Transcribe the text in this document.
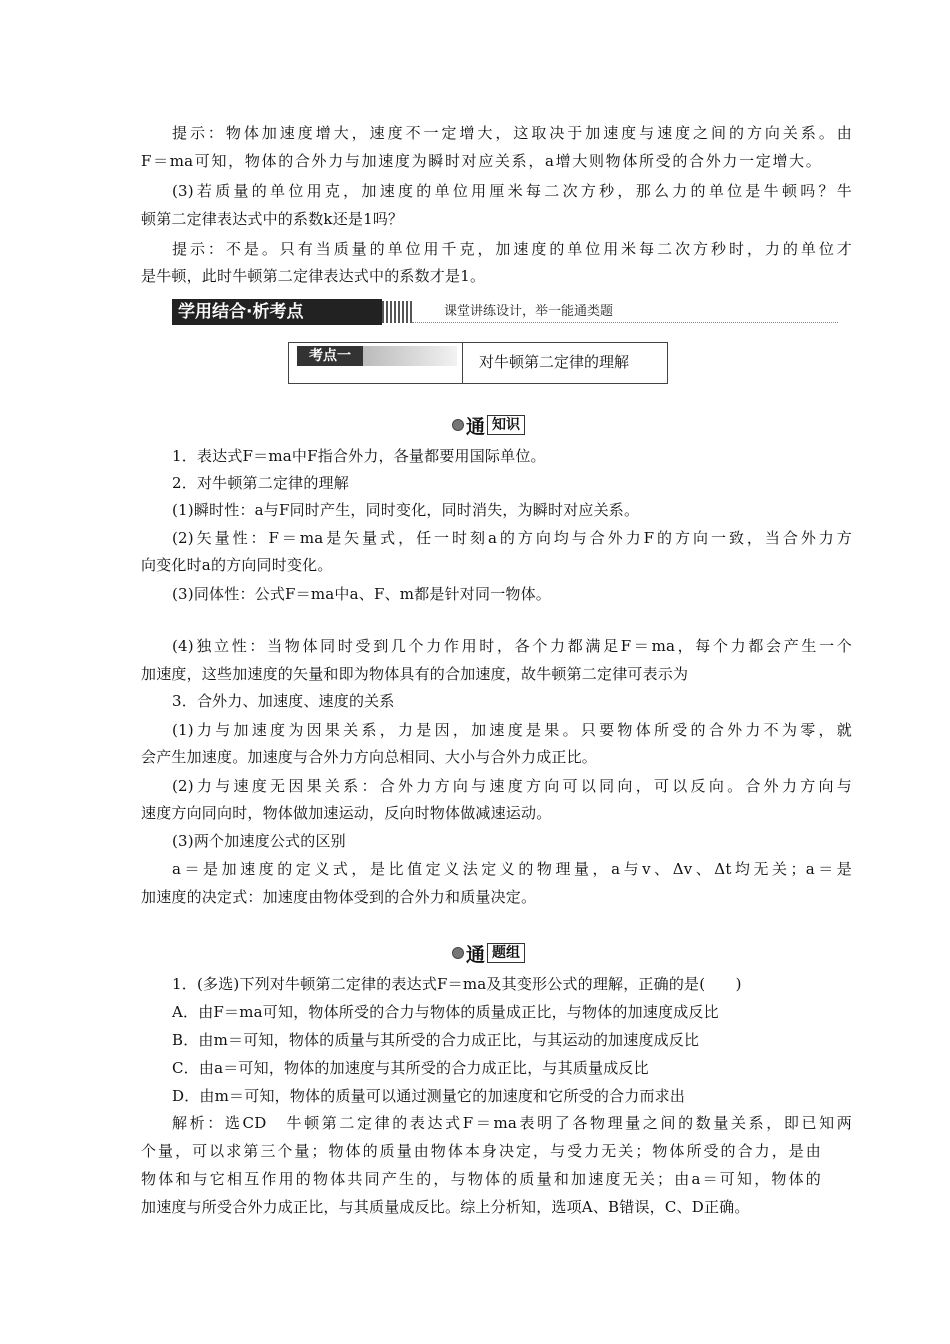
提示：物体加速度增大，速度不一定增大，这取决于加速度与速度之间的方向关系。由
F＝ma可知，物体的合外力与加速度为瞬时对应关系，a增大则物体所受的合外力一定增大。
(3)若质量的单位用克，加速度的单位用厘米每二次方秒，那么力的单位是牛顿吗？牛
顿第二定律表达式中的系数k还是1吗？
提示：不是。只有当质量的单位用千克，加速度的单位用米每二次方秒时，力的单位才
是牛顿，此时牛顿第二定律表达式中的系数才是1。
学用结合·析考点	课堂讲练设计，举一能通类题
考点一	对牛顿第二定律的理解
通 知识
1．表达式F＝ma中F指合外力，各量都要用国际单位。
2．对牛顿第二定律的理解
(1)瞬时性：a与F同时产生，同时变化，同时消失，为瞬时对应关系。
(2)矢量性：F＝ma是矢量式，任一时刻a的方向均与合外力F的方向一致，当合外力方
向变化时a的方向同时变化。
(3)同体性：公式F＝ma中a、F、m都是针对同一物体。
(4)独立性：当物体同时受到几个力作用时，各个力都满足F＝ma，每个力都会产生一个
加速度，这些加速度的矢量和即为物体具有的合加速度，故牛顿第二定律可表示为
3．合外力、加速度、速度的关系
(1)力与加速度为因果关系，力是因，加速度是果。只要物体所受的合外力不为零，就
会产生加速度。加速度与合外力方向总相同、大小与合外力成正比。
(2)力与速度无因果关系：合外力方向与速度方向可以同向，可以反向。合外力方向与
速度方向同向时，物体做加速运动，反向时物体做减速运动。
(3)两个加速度公式的区别
a＝是加速度的定义式，是比值定义法定义的物理量，a与v、Δv、Δt均无关；a＝是
加速度的决定式：加速度由物体受到的合外力和质量决定。
通 题组
1．(多选)下列对牛顿第二定律的表达式F＝ma及其变形公式的理解，正确的是(　　)
A．由F＝ma可知，物体所受的合力与物体的质量成正比，与物体的加速度成反比
B．由m＝可知，物体的质量与其所受的合力成正比，与其运动的加速度成反比
C．由a＝可知，物体的加速度与其所受的合力成正比，与其质量成反比
D．由m＝可知，物体的质量可以通过测量它的加速度和它所受的合力而求出
解析：选CD　牛顿第二定律的表达式F＝ma表明了各物理量之间的数量关系，即已知两
个量，可以求第三个量；物体的质量由物体本身决定，与受力无关；物体所受的合力，是由
物体和与它相互作用的物体共同产生的，与物体的质量和加速度无关；由a＝可知，物体的
加速度与所受合外力成正比，与其质量成反比。综上分析知，选项A、B错误，C、D正确。
